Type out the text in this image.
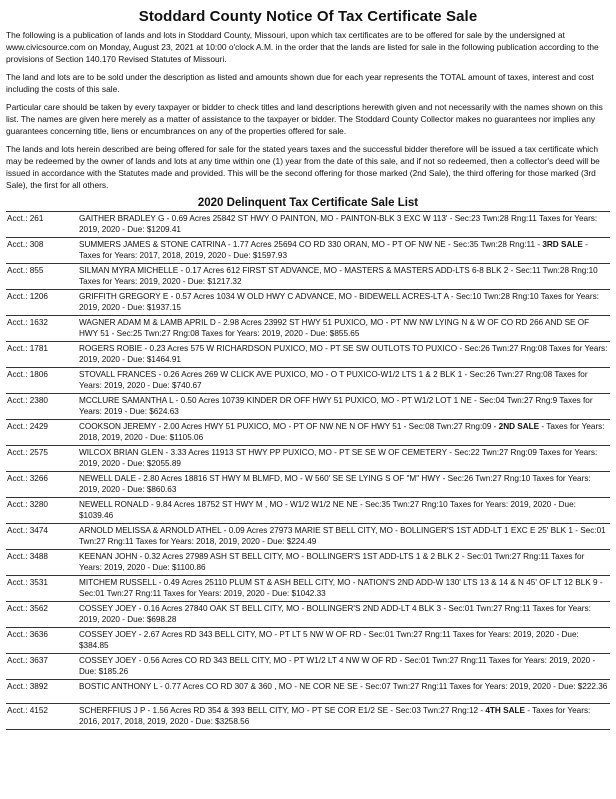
Stoddard County Notice Of Tax Certificate Sale

The following is a publication of lands and lots in Stoddard County, Missouri, upon which tax certificates are to be offered for sale by the undersigned at www.civicsource.com on Monday, August 23, 2021 at 10:00 o'clock A.M. in the order that the lands are listed for sale in the following publication according to the provisions of Section 140.170 Revised Statutes of Missouri.

The land and lots are to be sold under the description as listed and amounts shown due for each year represents the TOTAL amount of taxes, interest and cost including the costs of this sale.

Particular care should be taken by every taxpayer or bidder to check titles and land descriptions herewith given and not necessarily with the names shown on this list. The names are given here merely as a matter of assistance to the taxpayer or bidder. The Stoddard County Collector makes no guarantees nor implies any guarantees concerning title, liens or encumbrances on any of the properties offered for sale.

The lands and lots herein described are being offered for sale for the stated years taxes and the successful bidder therefore will be issued a tax certificate which may be redeemed by the owner of lands and lots at any time within one (1) year from the date of this sale, and if not so redeemed, then a collector's deed will be issued in accordance with the Statutes made and provided. This will be the second offering for those marked (2nd Sale), the third offering for those marked (3rd Sale), the first for all others.

2020 Delinquent Tax Certificate Sale List
Acct.: 261	GAITHER BRADLEY G - 0.69 Acres 25842 ST HWY O PAINTON, MO - PAINTON-BLK 3 EXC W 113' - Sec:23 Twn:28 Rng:11 Taxes for Years: 2019, 2020 - Due: $1209.41
Acct.: 308	SUMMERS JAMES & STONE CATRINA - 1.77 Acres 25694 CO RD 330 ORAN, MO - PT OF NW NE - Sec:35 Twn:28 Rng:11 - 3RD SALE - Taxes for Years: 2017, 2018, 2019, 2020 - Due: $1597.93
Acct.: 855	SILMAN MYRA MICHELLE - 0.17 Acres 612 FIRST ST ADVANCE, MO - MASTERS & MASTERS ADD-LTS 6-8 BLK 2 - Sec:11 Twn:28 Rng:10 Taxes for Years: 2019, 2020 - Due: $1217.32
Acct.: 1206	GRIFFITH GREGORY E - 0.57 Acres 1034 W OLD HWY C ADVANCE, MO - BIDEWELL ACRES-LT A - Sec:10 Twn:28 Rng:10 Taxes for Years: 2019, 2020 - Due: $1937.15
Acct.: 1632	WAGNER ADAM M & LAMB APRIL D - 2.98 Acres 23992 ST HWY 51 PUXICO, MO - PT NW NW LYING N & W OF CO RD 266 AND SE OF HWY 51 - Sec:25 Twn:27 Rng:08 Taxes for Years: 2019, 2020 - Due: $855.65
Acct.: 1781	ROGERS ROBIE - 0.23 Acres 575 W RICHARDSON PUXICO, MO - PT SE SW OUTLOTS TO PUXICO - Sec:26 Twn:27 Rng:08 Taxes for Years: 2019, 2020 - Due: $1464.91
Acct.: 1806	STOVALL FRANCES - 0.26 Acres 269 W CLICK AVE PUXICO, MO - O T PUXICO-W1/2 LTS 1 & 2 BLK 1 - Sec:26 Twn:27 Rng:08 Taxes for Years: 2019, 2020 - Due: $740.67
Acct.: 2380	MCCLURE SAMANTHA L - 0.50 Acres 10739 KINDER DR OFF HWY 51 PUXICO, MO - PT W1/2 LOT 1 NE - Sec:04 Twn:27 Rng:9 Taxes for Years: 2019 - Due: $624.63
Acct.: 2429	COOKSON JEREMY - 2.00 Acres HWY 51 PUXICO, MO - PT OF NW NE N OF HWY 51 - Sec:08 Twn:27 Rng:09 - 2ND SALE - Taxes for Years: 2018, 2019, 2020 - Due: $1105.06
Acct.: 2575	WILCOX BRIAN GLEN - 3.33 Acres 11913 ST HWY PP PUXICO, MO - PT SE SE W OF CEMETERY - Sec:22 Twn:27 Rng:09 Taxes for Years: 2019, 2020 - Due: $2055.89
Acct.: 3266	NEWELL DALE - 2.80 Acres 18816 ST HWY M BLMFD, MO - W 560' SE SE LYING S OF "M" HWY - Sec:26 Twn:27 Rng:10 Taxes for Years: 2019, 2020 - Due: $860.63
Acct.: 3280	NEWELL RONALD - 9.84 Acres 18752 ST HWY M , MO - W1/2 W1/2 NE NE - Sec:35 Twn:27 Rng:10 Taxes for Years: 2019, 2020 - Due: $1039.46
Acct.: 3474	ARNOLD MELISSA & ARNOLD ATHEL - 0.09 Acres 27973 MARIE ST BELL CITY, MO - BOLLINGER'S 1ST ADD-LT 1 EXC E 25' BLK 1 - Sec:01 Twn:27 Rng:11 Taxes for Years: 2018, 2019, 2020 - Due: $224.49
Acct.: 3488	KEENAN JOHN - 0.32 Acres 27989 ASH ST BELL CITY, MO - BOLLINGER'S 1ST ADD-LTS 1 & 2 BLK 2 - Sec:01 Twn:27 Rng:11 Taxes for Years: 2019, 2020 - Due: $1100.86
Acct.: 3531	MITCHEM RUSSELL - 0.49 Acres 25110 PLUM ST & ASH BELL CITY, MO - NATION'S 2ND ADD-W 130' LTS 13 & 14 & N 45' OF LT 12 BLK 9 - Sec:01 Twn:27 Rng:11 Taxes for Years: 2019, 2020 - Due: $1042.33
Acct.: 3562	COSSEY JOEY - 0.16 Acres 27840 OAK ST BELL CITY, MO - BOLLINGER'S 2ND ADD-LT 4 BLK 3 - Sec:01 Twn:27 Rng:11 Taxes for Years: 2019, 2020 - Due: $698.28
Acct.: 3636	COSSEY JOEY - 2.67 Acres RD 343 BELL CITY, MO - PT LT 5 NW W OF RD - Sec:01 Twn:27 Rng:11 Taxes for Years: 2019, 2020 - Due: $384.85
Acct.: 3637	COSSEY JOEY - 0.56 Acres CO RD 343 BELL CITY, MO - PT W1/2 LT 4 NW W OF RD - Sec:01 Twn:27 Rng:11 Taxes for Years: 2019, 2020 - Due: $185.26
Acct.: 3892	BOSTIC ANTHONY L - 0.77 Acres CO RD 307 & 360 , MO - NE COR NE SE - Sec:07 Twn:27 Rng:11 Taxes for Years: 2019, 2020 - Due: $222.36
Acct.: 4152	SCHERFFIUS J P - 1.56 Acres RD 354 & 393 BELL CITY, MO - PT SE COR E1/2 SE - Sec:03 Twn:27 Rng:12 - 4TH SALE - Taxes for Years: 2016, 2017, 2018, 2019, 2020 - Due: $3258.56
